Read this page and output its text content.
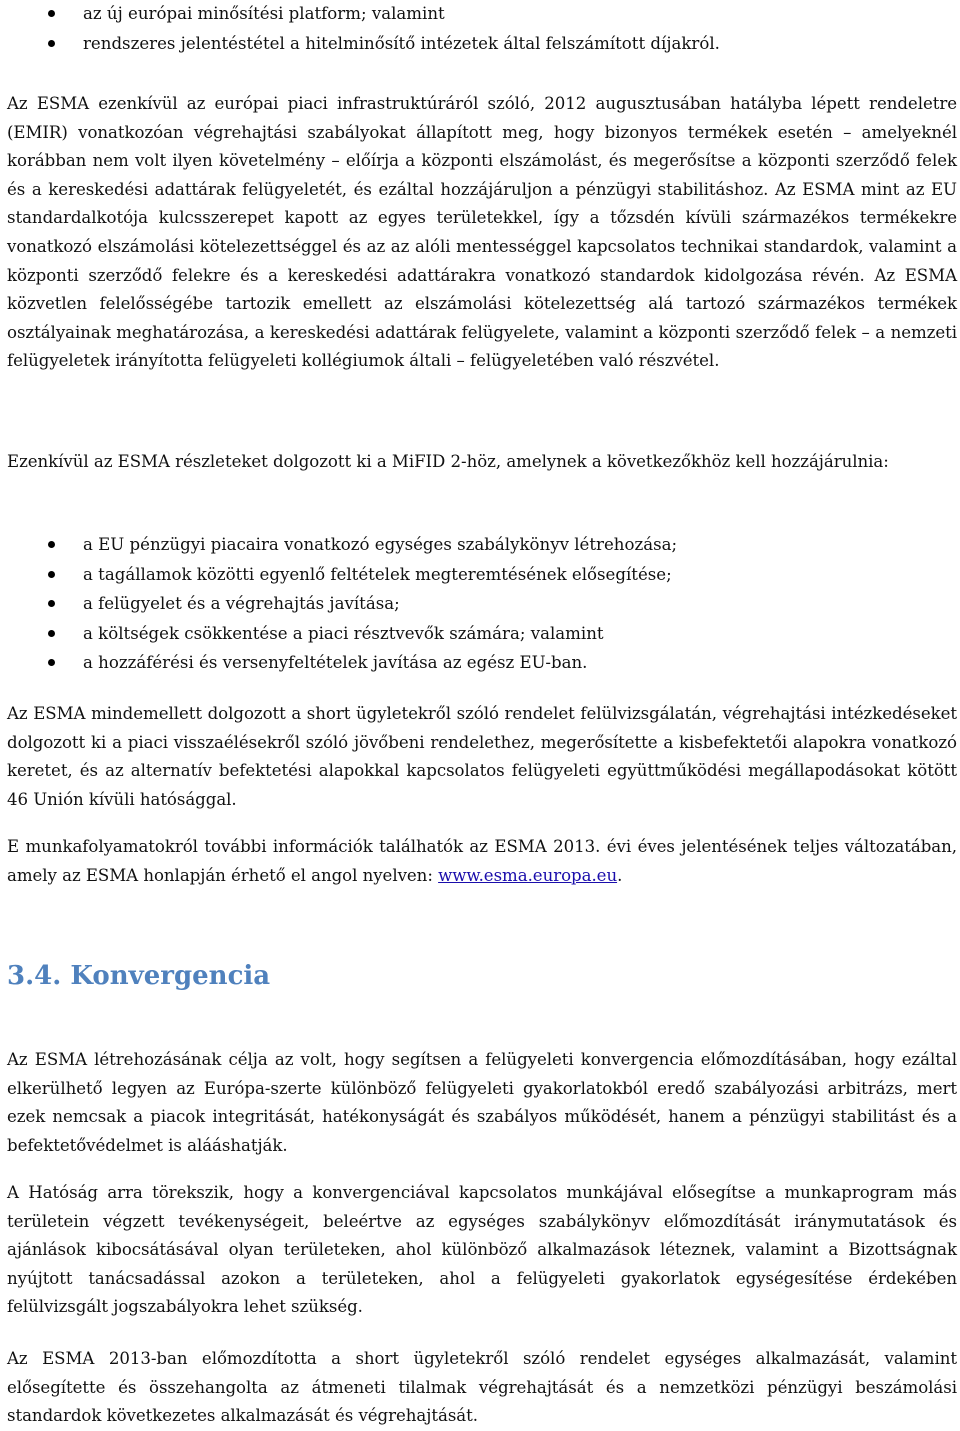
az új európai minősítési platform; valamint
rendszeres jelentéstétel a hitelminősítő intézetek által felszámított díjakról.

Az ESMA ezenkívül az európai piaci infrastruktúráról szóló, 2012 augusztusában hatályba lépett rendeletre (EMIR) vonatkozóan végrehajtási szabályokat állapított meg, hogy bizonyos termékek esetén – amelyeknél korábban nem volt ilyen követelmény – előírja a központi elszámolást, és megerősítse a központi szerződő felek és a kereskedési adattárak felügyeletét, és ezáltal hozzájáruljon a pénzügyi stabilitáshoz. Az ESMA mint az EU standardalkotója kulcsszerepet kapott az egyes területekkel, így a tőzsdén kívüli származékos termékekre vonatkozó elszámolási kötelezettséggel és az az alóli mentességgel kapcsolatos technikai standardok, valamint a központi szerződő felekre és a kereskedési adattárakra vonatkozó standardok kidolgozása révén. Az ESMA közvetlen felelősségébe tartozik emellett az elszámolási kötelezettség alá tartozó származékos termékek osztályainak meghatározása, a kereskedési adattárak felügyelete, valamint a központi szerződő felek – a nemzeti felügyeletek irányította felügyeleti kollégiumok általi – felügyeletében való részvétel.

Ezenkívül az ESMA részleteket dolgozott ki a MiFID 2-höz, amelynek a következőkhöz kell hozzájárulnia:

a EU pénzügyi piacaira vonatkozó egységes szabálykönyv létrehozása;
a tagállamok közötti egyenlő feltételek megteremtésének elősegítése;
a felügyelet és a végrehajtás javítása;
a költségek csökkentése a piaci résztvevők számára; valamint
a hozzáférési és versenyfeltételek javítása az egész EU-ban.

Az ESMA mindemellett dolgozott a short ügyletekről szóló rendelet felülvizsgálatán, végrehajtási intézkedéseket dolgozott ki a piaci visszaélésekről szóló jövőbeni rendelethez, megerősítette a kisbefektetői alapokra vonatkozó keretet, és az alternatív befektetési alapokkal kapcsolatos felügyeleti együttműködési megállapodásokat kötött 46 Unión kívüli hatósággal.

E munkafolyamatokról további információk találhatók az ESMA 2013. évi éves jelentésének teljes változatában, amely az ESMA honlapján érhető el angol nyelven: www.esma.europa.eu.

3.4. Konvergencia

Az ESMA létrehozásának célja az volt, hogy segítsen a felügyeleti konvergencia előmozdításában, hogy ezáltal elkerülhető legyen az Európa-szerte különböző felügyeleti gyakorlatokból eredő szabályozási arbitrázs, mert ezek nemcsak a piacok integritását, hatékonyságát és szabályos működését, hanem a pénzügyi stabilitást és a befektetővédelmet is alááshatják.

A Hatóság arra törekszik, hogy a konvergenciával kapcsolatos munkájával elősegítse a munkaprogram más területein végzett tevékenységeit, beleértve az egységes szabálykönyv előmozdítását iránymutatások és ajánlások kibocsátásával olyan területeken, ahol különböző alkalmazások léteznek, valamint a Bizottságnak nyújtott tanácsadással azokon a területeken, ahol a felügyeleti gyakorlatok egységesítése érdekében felülvizsgált jogszabályokra lehet szükség.

Az ESMA 2013-ban előmozdította a short ügyletekről szóló rendelet egységes alkalmazását, valamint elősegítette és összehangolta az átmeneti tilalmak végrehajtását és a nemzetközi pénzügyi beszámolási standardok következetes alkalmazását és végrehajtását.
